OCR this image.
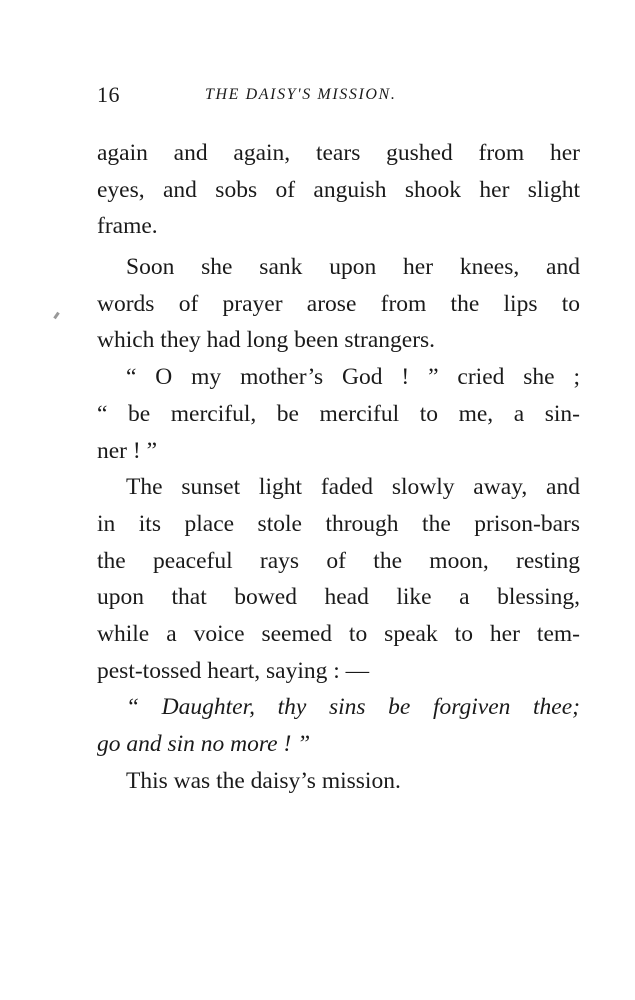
16	THE DAISY'S MISSION.
again and again, tears gushed from her
eyes, and sobs of anguish shook her slight
frame.
Soon she sank upon her knees, and
words of prayer arose from the lips to
which they had long been strangers.
“ O my mother’s God ! ” cried she ;
“ be merciful, be merciful to me, a sin-
ner ! ”
The sunset light faded slowly away, and
in its place stole through the prison-bars
the peaceful rays of the moon, resting
upon that bowed head like a blessing,
while a voice seemed to speak to her tem-
pest-tossed heart, saying : —
“ Daughter, thy sins be forgiven thee;
go and sin no more ! ”
This was the daisy’s mission.
